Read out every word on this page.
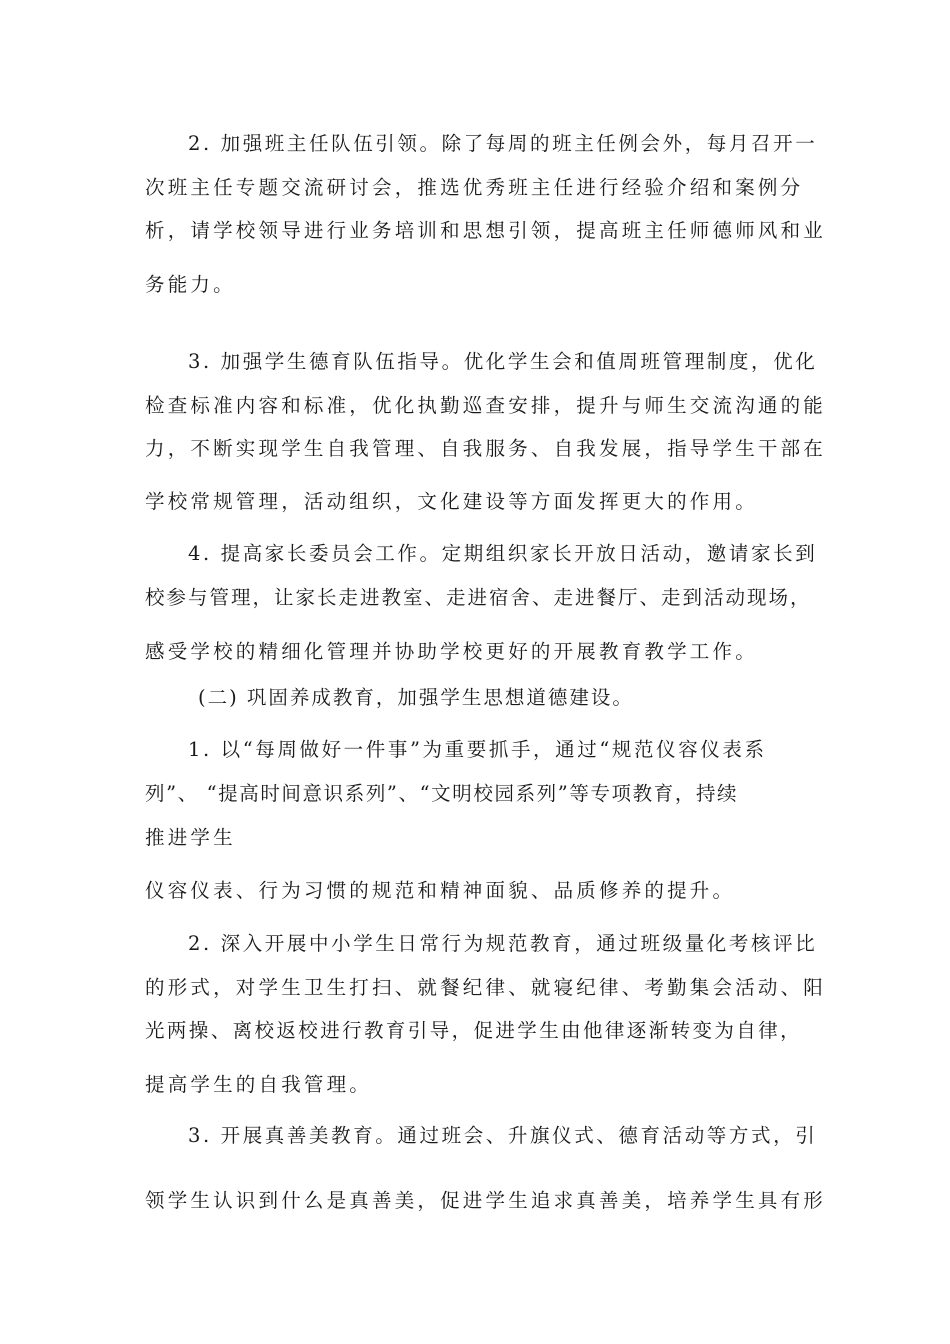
2. 加强班主任队伍引领。除了每周的班主任例会外，每月召开一
次班主任专题交流研讨会，推选优秀班主任进行经验介绍和案例分
析，请学校领导进行业务培训和思想引领，提高班主任师德师风和业
务能力。
3. 加强学生德育队伍指导。优化学生会和值周班管理制度，优化
检查标准内容和标准，优化执勤巡查安排，提升与师生交流沟通的能
力，不断实现学生自我管理、自我服务、自我发展，指导学生干部在
学校常规管理，活动组织，文化建设等方面发挥更大的作用。
4. 提高家长委员会工作。定期组织家长开放日活动，邀请家长到
校参与管理，让家长走进教室、走进宿舍、走进餐厅、走到活动现场，
感受学校的精细化管理并协助学校更好的开展教育教学工作。
(二) 巩固养成教育，加强学生思想道德建设。
1. 以“每周做好一件事”为重要抓手，通过“规范仪容仪表系
列”、 “提高时间意识系列”、“文明校园系列”等专项教育，持续
推进学生
仪容仪表、行为习惯的规范和精神面貌、品质修养的提升。
2. 深入开展中小学生日常行为规范教育，通过班级量化考核评比
的形式，对学生卫生打扫、就餐纪律、就寝纪律、考勤集会活动、阳
光两操、离校返校进行教育引导，促进学生由他律逐渐转变为自律，
提高学生的自我管理。
3. 开展真善美教育。通过班会、升旗仪式、德育活动等方式，引
领学生认识到什么是真善美，促进学生追求真善美，培养学生具有形
